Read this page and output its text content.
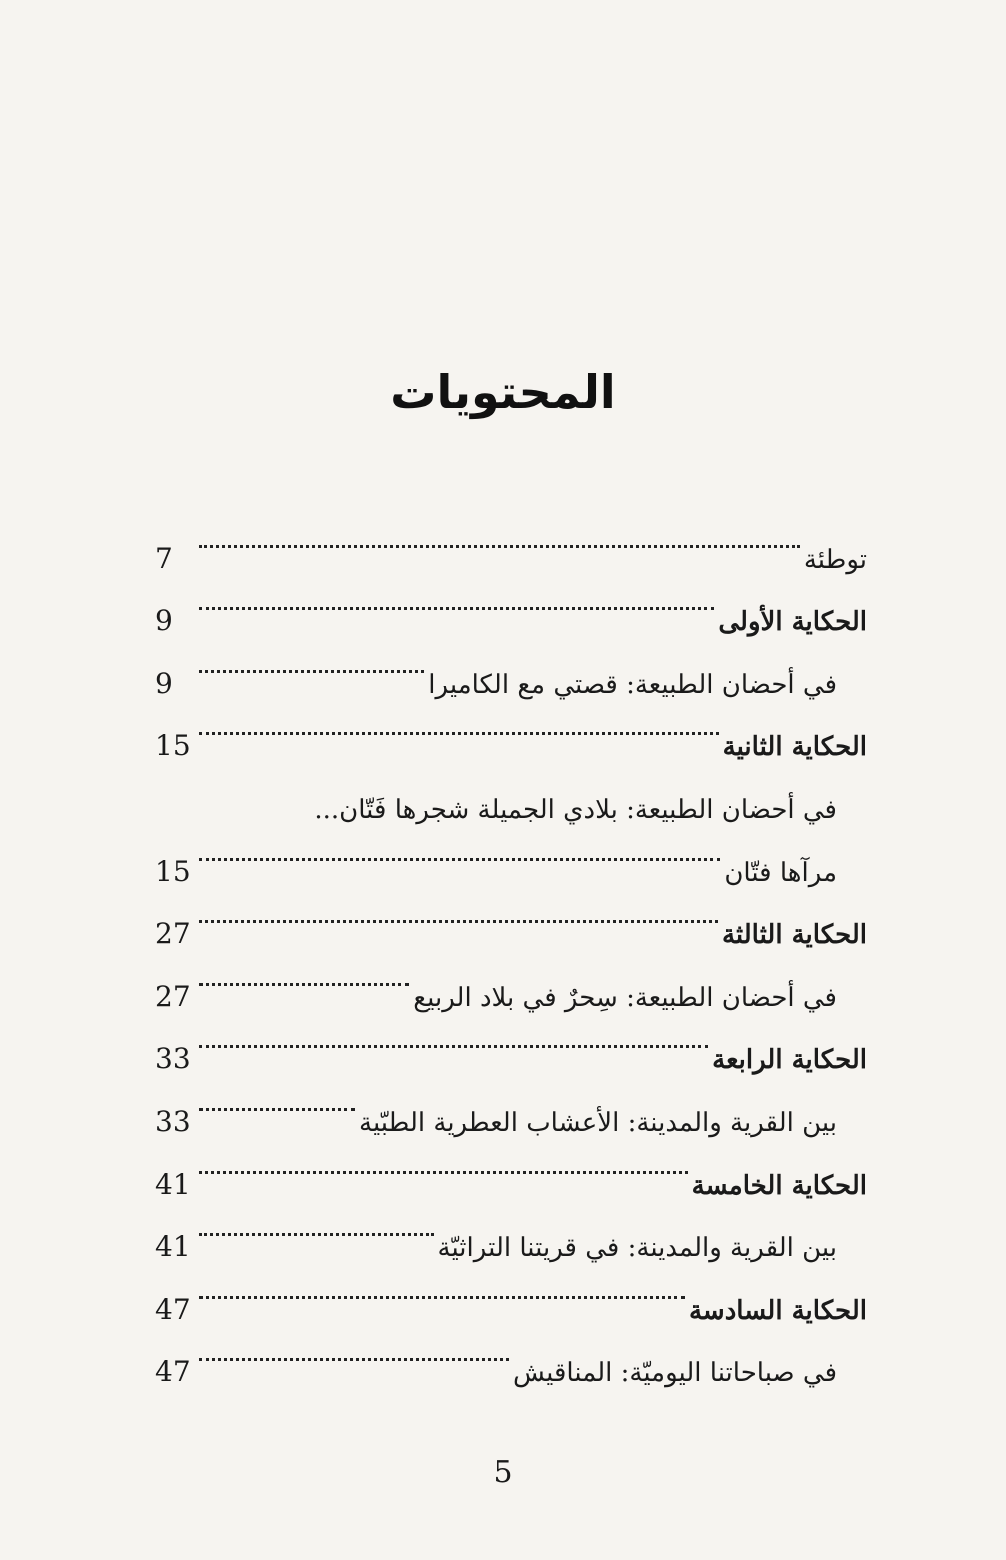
المحتويات
توطئة
7
الحكاية الأولى
9
في أحضان الطبيعة: قصتي مع الكاميرا
9
الحكاية الثانية
15
في أحضان الطبيعة: بلادي الجميلة شجرها فَتّان...
مرآها فتّان
15
الحكاية الثالثة
27
في أحضان الطبيعة: سِحرٌ في بلاد الربيع
27
الحكاية الرابعة
33
بين القرية والمدينة: الأعشاب العطرية الطبّية
33
الحكاية الخامسة
41
بين القرية والمدينة: في قريتنا التراثيّة
41
الحكاية السادسة
47
في صباحاتنا اليوميّة: المناقيش
47
5
